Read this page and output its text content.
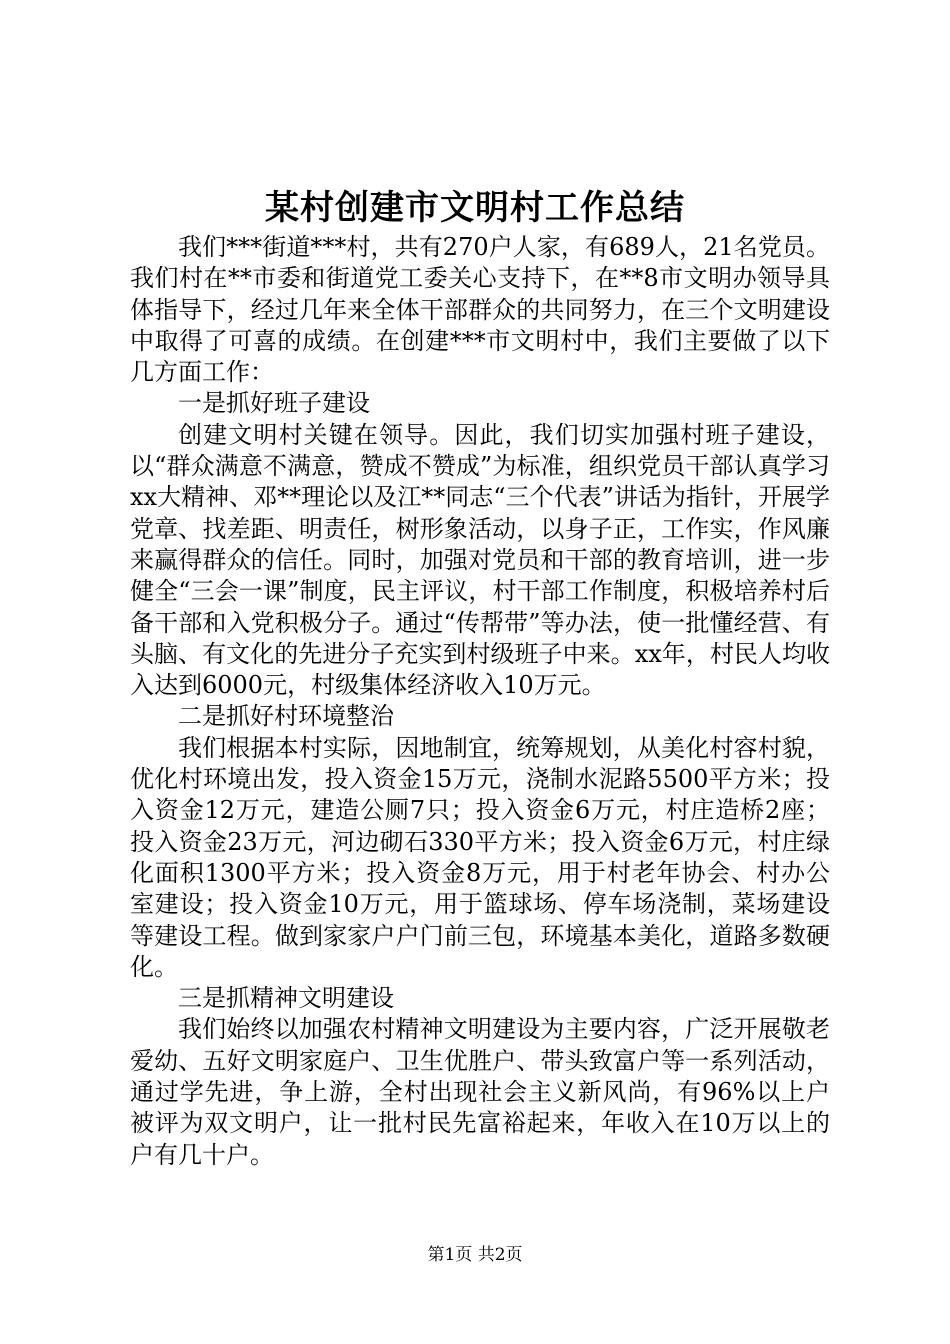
某村创建市文明村工作总结

我们***街道***村，共有270户人家，有689人，21名党员。我们村在**市委和街道党工委关心支持下，在**8市文明办领导具体指导下，经过几年来全体干部群众的共同努力，在三个文明建设中取得了可喜的成绩。在创建***市文明村中，我们主要做了以下几方面工作：

一是抓好班子建设

创建文明村关键在领导。因此，我们切实加强村班子建设，以“群众满意不满意，赞成不赞成”为标准，组织党员干部认真学习xx大精神、邓**理论以及江**同志“三个代表”讲话为指针，开展学党章、找差距、明责任，树形象活动，以身子正，工作实，作风廉来赢得群众的信任。同时，加强对党员和干部的教育培训，进一步健全“三会一课”制度，民主评议，村干部工作制度，积极培养村后备干部和入党积极分子。通过“传帮带”等办法，使一批懂经营、有头脑、有文化的先进分子充实到村级班子中来。xx年，村民人均收入达到6000元，村级集体经济收入10万元。

二是抓好村环境整治

我们根据本村实际，因地制宜，统筹规划，从美化村容村貌，优化村环境出发，投入资金15万元，浇制水泥路5500平方米；投入资金12万元，建造公厕7只；投入资金6万元，村庄造桥2座；投入资金23万元，河边砌石330平方米；投入资金6万元，村庄绿化面积1300平方米；投入资金8万元，用于村老年协会、村办公室建设；投入资金10万元，用于篮球场、停车场浇制，菜场建设等建设工程。做到家家户户门前三包，环境基本美化，道路多数硬化。

三是抓精神文明建设

我们始终以加强农村精神文明建设为主要内容，广泛开展敬老爱幼、五好文明家庭户、卫生优胜户、带头致富户等一系列活动，通过学先进，争上游，全村出现社会主义新风尚，有96%以上户被评为双文明户，让一批村民先富裕起来，年收入在10万以上的户有几十户。

第1页 共2页
